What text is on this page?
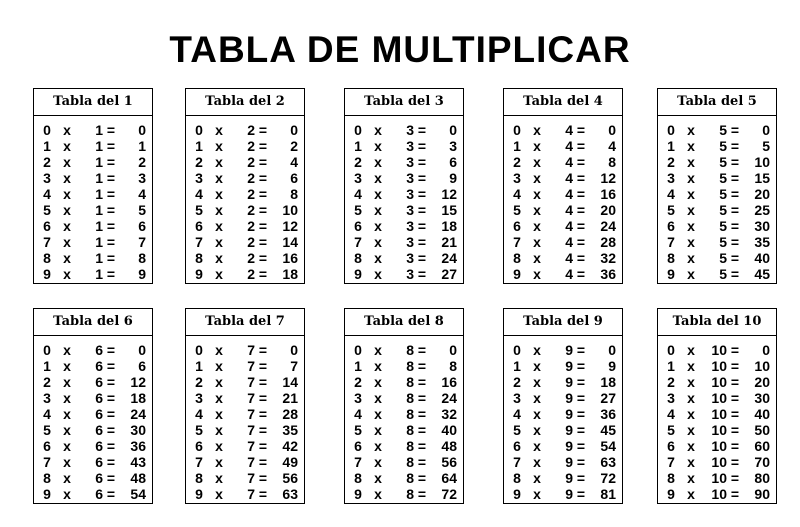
TABLA DE MULTIPLICAR
Tabla del 1
0 x	1 =	0
1 x	1 =	1
2 x	1 =	2
3 x	1 =	3
4 x	1 =	4
5 x	1 =	5
6 x	1 =	6
7 x	1 =	7
8 x	1 =	8
9 x	1 =	9
Tabla del 2
0 x	2 =	0
1 x	2 =	2
2 x	2 =	4
3 x	2 =	6
4 x	2 =	8
5 x	2 =	10
6 x	2 =	12
7 x	2 =	14
8 x	2 =	16
9 x	2 =	18
Tabla del 3
0 x	3 =	0
1 x	3 =	3
2 x	3 =	6
3 x	3 =	9
4 x	3 =	12
5 x	3 =	15
6 x	3 =	18
7 x	3 =	21
8 x	3 =	24
9 x	3 =	27
Tabla del 4
0 x	4 =	0
1 x	4 =	4
2 x	4 =	8
3 x	4 =	12
4 x	4 =	16
5 x	4 =	20
6 x	4 =	24
7 x	4 =	28
8 x	4 =	32
9 x	4 =	36
Tabla del 5
0 x	5 =	0
1 x	5 =	5
2 x	5 =	10
3 x	5 =	15
4 x	5 =	20
5 x	5 =	25
6 x	5 =	30
7 x	5 =	35
8 x	5 =	40
9 x	5 =	45
Tabla del 6
0 x	6 =	0
1 x	6 =	6
2 x	6 =	12
3 x	6 =	18
4 x	6 =	24
5 x	6 =	30
6 x	6 =	36
7 x	6 =	43
8 x	6 =	48
9 x	6 =	54
Tabla del 7
0 x	7 =	0
1 x	7 =	7
2 x	7 =	14
3 x	7 =	21
4 x	7 =	28
5 x	7 =	35
6 x	7 =	42
7 x	7 =	49
8 x	7 =	56
9 x	7 =	63
Tabla del 8
0 x	8 =	0
1 x	8 =	8
2 x	8 =	16
3 x	8 =	24
4 x	8 =	32
5 x	8 =	40
6 x	8 =	48
7 x	8 =	56
8 x	8 =	64
9 x	8 =	72
Tabla del 9
0 x	9 =	0
1 x	9 =	9
2 x	9 =	18
3 x	9 =	27
4 x	9 =	36
5 x	9 =	45
6 x	9 =	54
7 x	9 =	63
8 x	9 =	72
9 x	9 =	81
Tabla del 10
0 x	10 =	0
1 x	10 =	10
2 x	10 =	20
3 x	10 =	30
4 x	10 =	40
5 x	10 =	50
6 x	10 =	60
7 x	10 =	70
8 x	10 =	80
9 x	10 =	90
